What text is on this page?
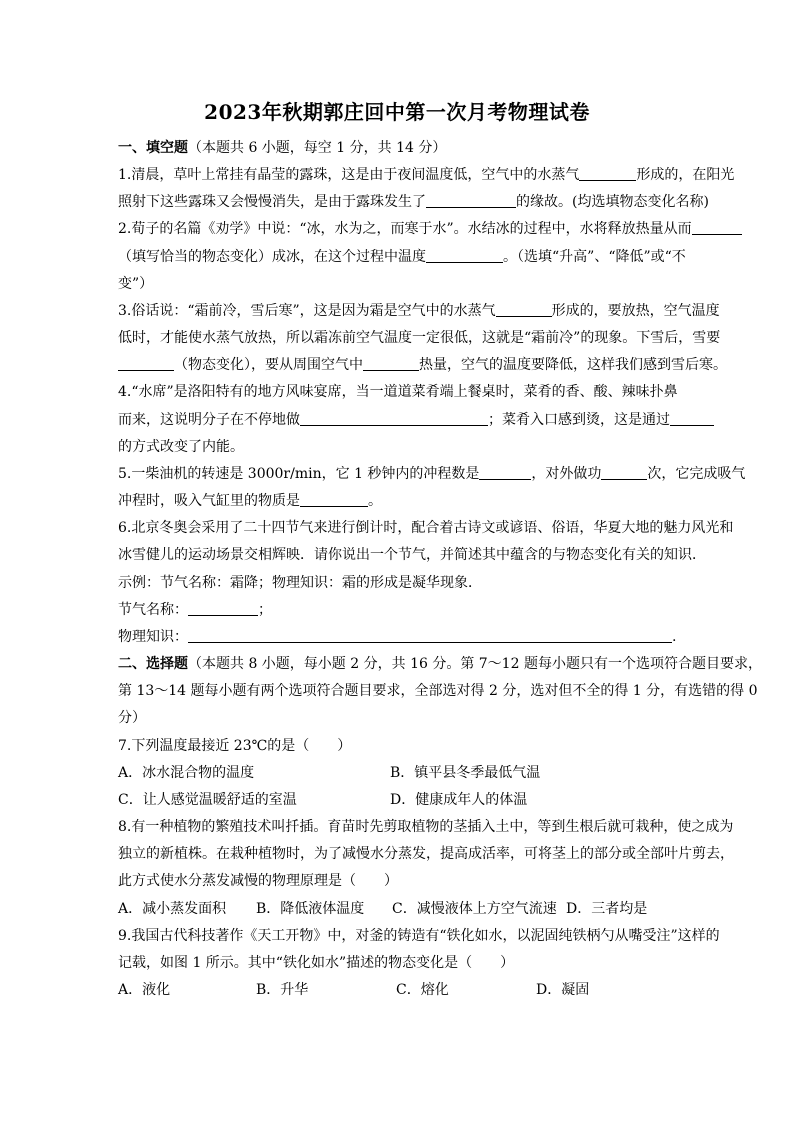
2023年秋期郭庄回中第一次月考物理试卷
一、填空题（本题共 6 小题，每空 1 分，共 14 分）
1.清晨，草叶上常挂有晶莹的露珠，这是由于夜间温度低，空气中的水蒸气	形成的，在阳光
照射下这些露珠又会慢慢消失，是由于露珠发生了	的缘故。(均选填物态变化名称)
2.荀子的名篇《劝学》中说：“冰，水为之，而寒于水”。水结冰的过程中，水将释放热量从而
（填写恰当的物态变化）成冰，在这个过程中温度	。（选填“升高”、“降低”或“不
变”）
3.俗话说：“霜前冷，雪后寒”，这是因为霜是空气中的水蒸气	形成的，要放热，空气温度
低时，才能使水蒸气放热，所以霜冻前空气温度一定很低，这就是“霜前冷”的现象。下雪后，雪要
（物态变化），要从周围空气中	热量，空气的温度要降低，这样我们感到雪后寒。
4.“水席”是洛阳特有的地方风味宴席，当一道道菜肴端上餐桌时，菜肴的香、酸、辣味扑鼻
而来，这说明分子在不停地做	；菜肴入口感到烫，这是通过
的方式改变了内能。
5.一柴油机的转速是 3000r/min，它 1 秒钟内的冲程数是	，对外做功	次，它完成吸气
冲程时，吸入气缸里的物质是	。
6.北京冬奥会采用了二十四节气来进行倒计时，配合着古诗文或谚语、俗语，华夏大地的魅力风光和
冰雪健儿的运动场景交相辉映．请你说出一个节气，并简述其中蕴含的与物态变化有关的知识．
示例：节气名称：霜降；物理知识：霜的形成是凝华现象．
节气名称：	；
物理知识：	.
二、选择题（本题共 8 小题，每小题 2 分，共 16 分。第 7～12 题每小题只有一个选项符合题目要求，
第 13～14 题每小题有两个选项符合题目要求，全部选对得 2 分，选对但不全的得 1 分，有选错的得 0
分）
7.下列温度最接近 23℃的是（　　）
A．冰水混合物的温度	B．镇平县冬季最低气温
C．让人感觉温暖舒适的室温	D．健康成年人的体温
8.有一种植物的繁殖技术叫扦插。育苗时先剪取植物的茎插入土中，等到生根后就可栽种，使之成为
独立的新植株。在栽种植物时，为了减慢水分蒸发，提高成活率，可将茎上的部分或全部叶片剪去，
此方式使水分蒸发减慢的物理原理是（　　）
A．减小蒸发面积 B．降低液体温度 C．减慢液体上方空气流速 D．三者均是
9.我国古代科技著作《天工开物》中，对釜的铸造有“铁化如水，以泥固纯铁柄勺从嘴受注”这样的
记载，如图 1 所示。其中“铁化如水”描述的物态变化是（　　）
A．液化	B．升华	C．熔化	D．凝固
